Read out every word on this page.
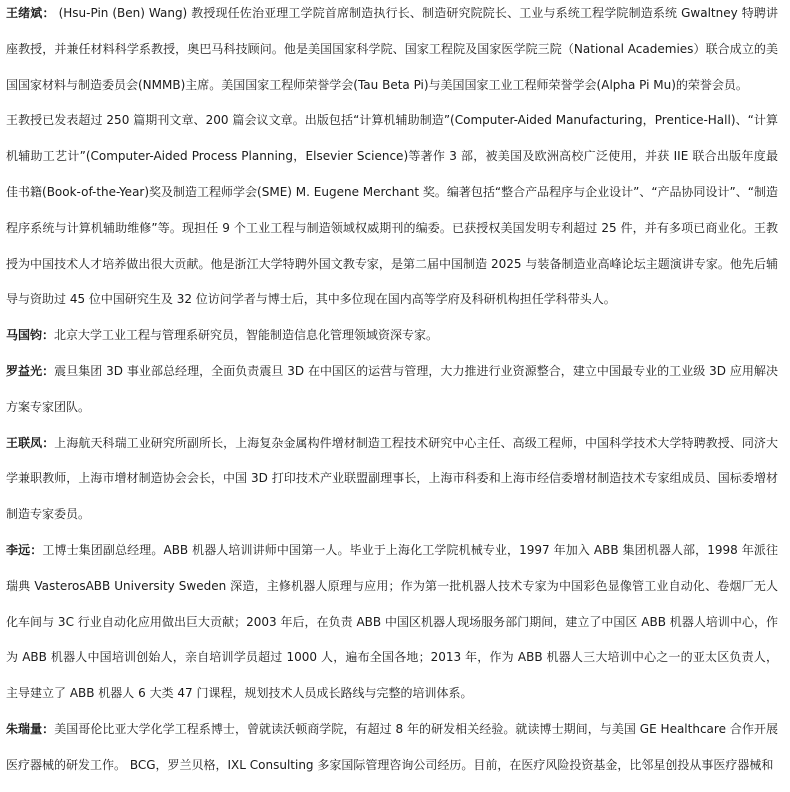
王绪斌： (Hsu-Pin (Ben) Wang) 教授现任佐治亚理工学院首席制造执行长、制造研究院院长、工业与系统工程学院制造系统 Gwaltney 特聘讲座教授，并兼任材料科学系教授，奥巴马科技顾问。他是美国国家科学院、国家工程院及国家医学院三院（National Academies）联合成立的美国国家材料与制造委员会(NMMB)主席。美国国家工程师荣誉学会(Tau Beta Pi)与美国国家工业工程师荣誉学会(Alpha Pi Mu)的荣誉会员。

王教授已发表超过 250 篇期刊文章、200 篇会议文章。出版包括“计算机辅助制造”(Computer-Aided Manufacturing，Prentice-Hall)、“计算机辅助工艺计”(Computer-Aided Process Planning，Elsevier Science)等著作 3 部，被美国及欧洲高校广泛使用，并获 IIE 联合出版年度最佳书籍(Book-of-the-Year)奖及制造工程师学会(SME) M. Eugene Merchant 奖。编著包括“整合产品程序与企业设计”、“产品协同设计”、“制造程序系统与计算机辅助维修”等。现担任 9 个工业工程与制造领域权威期刊的编委。已获授权美国发明专利超过 25 件，并有多项已商业化。王教授为中国技术人才培养做出很大贡献。他是浙江大学特聘外国文教专家，是第二届中国制造 2025 与装备制造业高峰论坛主题演讲专家。他先后辅导与资助过 45 位中国研究生及 32 位访问学者与博士后，其中多位现在国内高等学府及科研机构担任学科带头人。

马国钧：北京大学工业工程与管理系研究员，智能制造信息化管理领域资深专家。

罗益光：震旦集团 3D 事业部总经理，全面负责震旦 3D 在中国区的运营与管理，大力推进行业资源整合，建立中国最专业的工业级 3D 应用解决方案专家团队。

王联凤：上海航天科瑞工业研究所副所长，上海复杂金属构件增材制造工程技术研究中心主任、高级工程师，中国科学技术大学特聘教授、同济大学兼职教师，上海市增材制造协会会长，中国 3D 打印技术产业联盟副理事长，上海市科委和上海市经信委增材制造技术专家组成员、国标委增材制造专家委员。

李远：工博士集团副总经理。ABB 机器人培训讲师中国第一人。毕业于上海化工学院机械专业，1997 年加入 ABB 集团机器人部，1998 年派往瑞典 VasterosABB University Sweden 深造，主修机器人原理与应用；作为第一批机器人技术专家为中国彩色显像管工业自动化、卷烟厂无人化车间与 3C 行业自动化应用做出巨大贡献；2003 年后，在负责 ABB 中国区机器人现场服务部门期间，建立了中国区 ABB 机器人培训中心，作为 ABB 机器人中国培训创始人，亲自培训学员超过 1000 人，遍布全国各地；2013 年，作为 ABB 机器人三大培训中心之一的亚太区负责人，主导建立了 ABB 机器人 6 大类 47 门课程，规划技术人员成长路线与完整的培训体系。

朱瑞量：美国哥伦比亚大学化学工程系博士，曾就读沃顿商学院，有超过 8 年的研发相关经验。就读博士期间，与美国 GE Healthcare 合作开展医疗器械的研发工作。 BCG，罗兰贝格，IXL Consulting 多家国际管理咨询公司经历。目前，在医疗风险投资基金，比邻星创投从事医疗器械和
